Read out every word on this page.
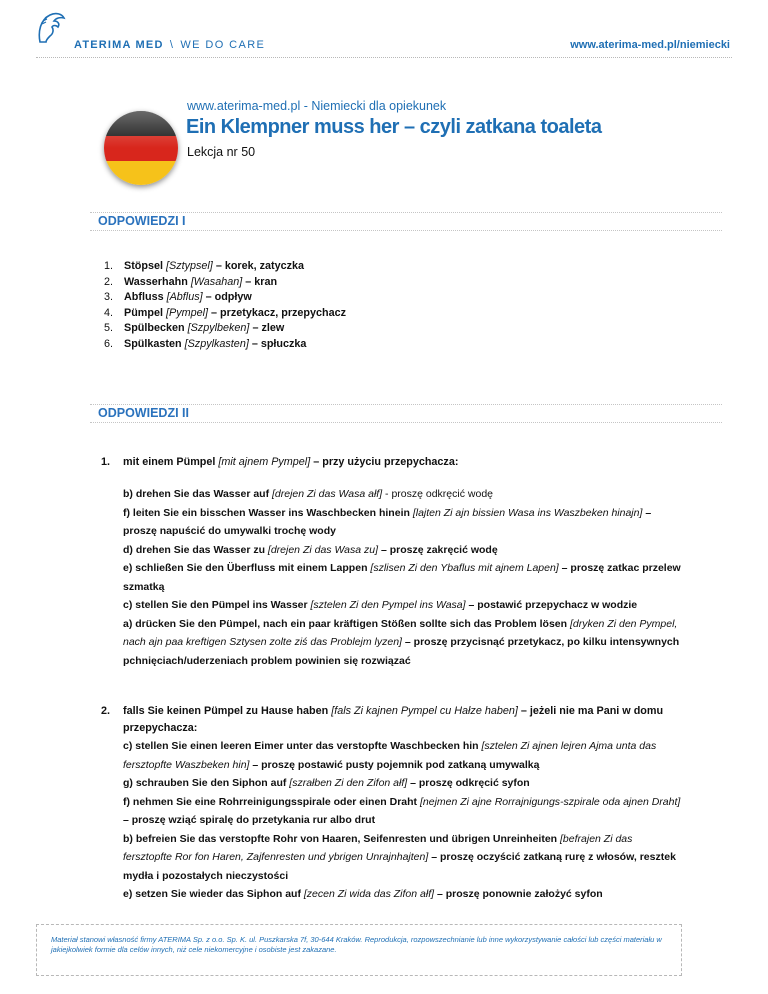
ATERIMA MED \ WE DO CARE	www.aterima-med.pl/niemiecki
www.aterima-med.pl - Niemiecki dla opiekunek
Ein Klempner muss her – czyli zatkana toaleta
Lekcja nr 50
ODPOWIEDZI I
1. Stöpsel [Sztypsel] – korek, zatyczka
2. Wasserhahn [Wasahan] – kran
3. Abfluss [Abflus] – odpływ
4. Pümpel [Pympel] – przetykacz, przepychacz
5. Spülbecken [Szpylbeken] – zlew
6. Spülkasten [Szpylkasten] – spłuczka
ODPOWIEDZI II
1.	mit einem Pümpel [mit ajnem Pympel] – przy użyciu przepychacza:

b) drehen Sie das Wasser auf [drejen Zi das Wasa ałf] - proszę odkręcić wodę

f) leiten Sie ein bisschen Wasser ins Waschbecken hinein [lajten Zi ajn bissien Wasa ins Waszbeken hinajn] – proszę napuścić do umywalki trochę wody

d) drehen Sie das Wasser zu [drejen Zi das Wasa zu] – proszę zakręcić wodę

e) schließen Sie den Überfluss mit einem Lappen [szlisen Zi den Ybaflus mit ajnem Lapen] – proszę zatkac przelew szmatką

c) stellen Sie den Pümpel ins Wasser [sztelen Zi den Pympel ins Wasa] – postawić przepychacz w wodzie

a) drücken Sie den Pümpel, nach ein paar kräftigen Stößen sollte sich das Problem lösen [dryken Zi den Pympel, nach ajn paa kreftigen Sztysen zolte ziś das Problejm lyzen] – proszę przycisnąć przetykacz, po kilku intensywnych pchnięciach/uderzeniach problem powinien się rozwiązać

2.	falls Sie keinen Pümpel zu Hause haben [fals Zi kajnen Pympel cu Hałze haben] – jeżeli nie ma Pani w domu przepychacza:

c) stellen Sie einen leeren Eimer unter das verstopfte Waschbecken hin [sztelen Zi ajnen lejren Ajma unta das fersztopfte Waszbeken hin] – proszę postawić pusty pojemnik pod zatkaną umywalką

g) schrauben Sie den Siphon auf [szrałben Zi den Zifon ałf] – proszę odkręcić syfon

f) nehmen Sie eine Rohrreinigungsspirale oder einen Draht [nejmen Zi ajne Rorrajnigungs-szpirale oda ajnen Draht] – proszę wziąć spiralę do przetykania rur albo drut

b) befreien Sie das verstopfte Rohr von Haaren, Seifenresten und übrigen Unreinheiten [befrajen Zi das fersztopfte Ror fon Haren, Zajfenresten und ybrigen Unrajnhajten] – proszę oczyścić zatkaną rurę z włosów, resztek mydła i pozostałych nieczystości

e) setzen Sie wieder das Siphon auf [zecen Zi wida das Zifon ałf] – proszę ponownie założyć syfon

Materiał stanowi własność firmy ATERIMA Sp. z o.o. Sp. K. ul. Puszkarska 7f, 30-644 Kraków. Reprodukcja, rozpowszechnianie lub inne wykorzystywanie całości lub części materiału w jakiejkolwiek formie dla celów innych, niż cele niekomercyjne i osobiste jest zakazane.
